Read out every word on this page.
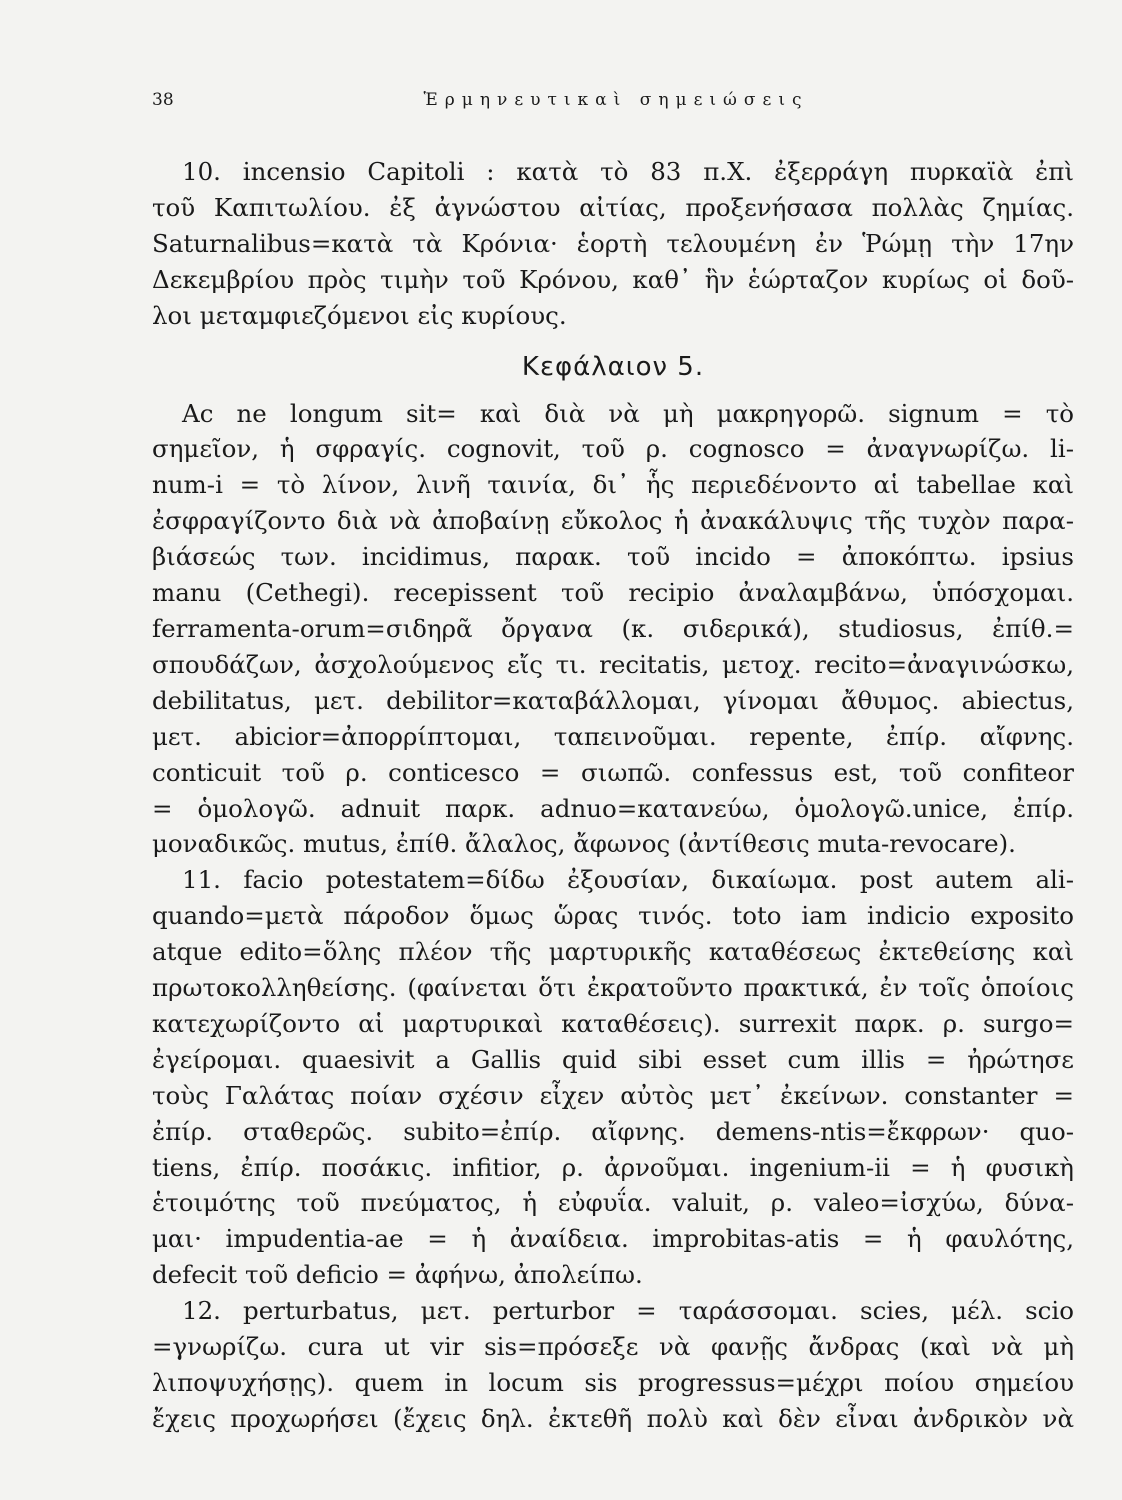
38	Ἑρμηνευτικαὶ σημειώσεις
10. incensio Capitoli : κατὰ τὸ 83 π.Χ. ἐξερράγη πυρκαϊὰ ἐπὶ
τοῦ Καπιτωλίου. ἐξ ἀγνώστου αἰτίας, προξενήσασα πολλὰς ζημίας.
Saturnalibus=κατὰ τὰ Κρόνια· ἑορτὴ τελουμένη ἐν Ῥώμῃ τὴν 17ην
Δεκεμβρίου πρὸς τιμὴν τοῦ Κρόνου, καθ᾽ ἣν ἑώρταζον κυρίως οἱ δοῦ-
λοι μεταμφιεζόμενοι εἰς κυρίους.
Κεφάλαιον 5.
Ac ne longum sit= καὶ διὰ νὰ μὴ μακρηγορῶ. signum = τὸ
σημεῖον, ἡ σφραγίς. cognovit, τοῦ ρ. cognosco = ἀναγνωρίζω. li-
num-i = τὸ λίνον, λινῆ ταινία, δι᾽ ἧς περιεδένοντο αἱ tabellae καὶ
ἐσφραγίζοντο διὰ νὰ ἀποβαίνῃ εὔκολος ἡ ἀνακάλυψις τῆς τυχὸν παρα-
βιάσεώς των. incidimus, παρακ. τοῦ incido = ἀποκόπτω. ipsius
manu (Cethegi). recepissent τοῦ recipio ἀναλαμβάνω, ὑπόσχομαι.
ferramenta-orum=σιδηρᾶ ὄργανα (κ. σιδερικά), studiosus, ἐπίθ.=
σπουδάζων, ἀσχολούμενος εἴς τι. recitatis, μετοχ. recito=ἀναγινώσκω,
debilitatus, μετ. debilitor=καταβάλλομαι, γίνομαι ἄθυμος. abiectus,
μετ. abicior=ἀπορρίπτομαι, ταπεινοῦμαι. repente, ἐπίρ. αἴφνης.
conticuit τοῦ ρ. conticesco = σιωπῶ. confessus est, τοῦ confiteor
= ὁμολογῶ. adnuit παρκ. adnuo=κατανεύω, ὁμολογῶ.unice, ἐπίρ.
μοναδικῶς. mutus, ἐπίθ. ἄλαλος, ἄφωνος (ἀντίθεσις muta-revocare).
11. facio potestatem=δίδω ἐξουσίαν, δικαίωμα. post autem ali-
quando=μετὰ πάροδον ὅμως ὥρας τινός. toto iam indicio exposito
atque edito=ὅλης πλέον τῆς μαρτυρικῆς καταθέσεως ἐκτεθείσης καὶ
πρωτοκολληθείσης. (φαίνεται ὅτι ἐκρατοῦντο πρακτικά, ἐν τοῖς ὁποίοις
κατεχωρίζοντο αἱ μαρτυρικαὶ καταθέσεις). surrexit παρκ. ρ. surgo=
ἐγείρομαι. quaesivit a Gallis quid sibi esset cum illis = ἠρώτησε
τοὺς Γαλάτας ποίαν σχέσιν εἶχεν αὐτὸς μετ᾽ ἐκείνων. constanter =
ἐπίρ. σταθερῶς. subito=ἐπίρ. αἴφνης. demens-ntis=ἔκφρων· quo-
tiens, ἐπίρ. ποσάκις. infitior, ρ. ἀρνοῦμαι. ingenium-ii = ἡ φυσικὴ
ἑτοιμότης τοῦ πνεύματος, ἡ εὐφυΐα. valuit, ρ. valeo=ἰσχύω, δύνα-
μαι· impudentia-ae = ἡ ἀναίδεια. improbitas-atis = ἡ φαυλότης,
defecit τοῦ deficio = ἀφήνω, ἀπολείπω.
12. perturbatus, μετ. perturbor = ταράσσομαι. scies, μέλ. scio
=γνωρίζω. cura ut vir sis=πρόσεξε νὰ φανῇς ἄνδρας (καὶ νὰ μὴ
λιποψυχήσῃς). quem in locum sis progressus=μέχρι ποίου σημείου
ἔχεις προχωρήσει (ἔχεις δηλ. ἐκτεθῆ πολὺ καὶ δὲν εἶναι ἀνδρικὸν νὰ
